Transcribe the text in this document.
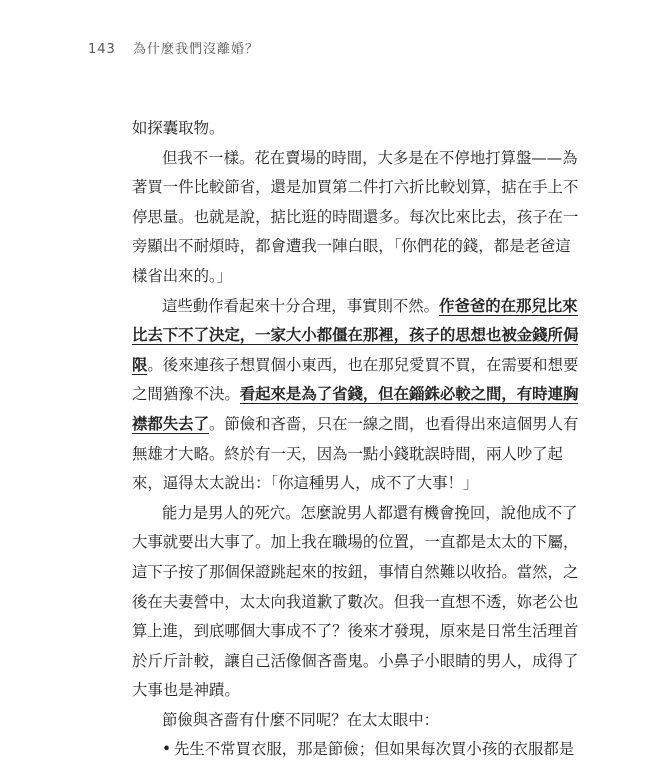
143 為什麼我們沒離婚？
如探囊取物。
但我不一樣。花在賣場的時間，大多是在不停地打算盤——為
著買一件比較節省，還是加買第二件打六折比較划算，掂在手上不
停思量。也就是說，掂比逛的時間還多。每次比來比去，孩子在一
旁顯出不耐煩時，都會遭我一陣白眼，「你們花的錢，都是老爸這
樣省出來的。」
這些動作看起來十分合理，事實則不然。作爸爸的在那兒比來
比去下不了決定，一家大小都僵在那裡，孩子的思想也被金錢所侷
限。後來連孩子想買個小東西，也在那兒愛買不買，在需要和想要
之間猶豫不決。看起來是為了省錢，但在錙銖必較之間，有時連胸
襟都失去了。節儉和吝嗇，只在一線之間，也看得出來這個男人有
無雄才大略。終於有一天，因為一點小錢耽誤時間，兩人吵了起
來，逼得太太說出：「你這種男人，成不了大事！」
能力是男人的死穴。怎麼說男人都還有機會挽回，說他成不了
大事就要出大事了。加上我在職場的位置，一直都是太太的下屬，
這下子按了那個保證跳起來的按鈕，事情自然難以收拾。當然，之
後在夫妻營中，太太向我道歉了數次。但我一直想不透，妳老公也
算上進，到底哪個大事成不了？後來才發現，原來是日常生活理首
於斤斤計較，讓自己活像個吝嗇鬼。小鼻子小眼睛的男人，成得了
大事也是神蹟。
節儉與吝嗇有什麼不同呢？在太太眼中：
• 先生不常買衣服，那是節儉；但如果每次買小孩的衣服都是
